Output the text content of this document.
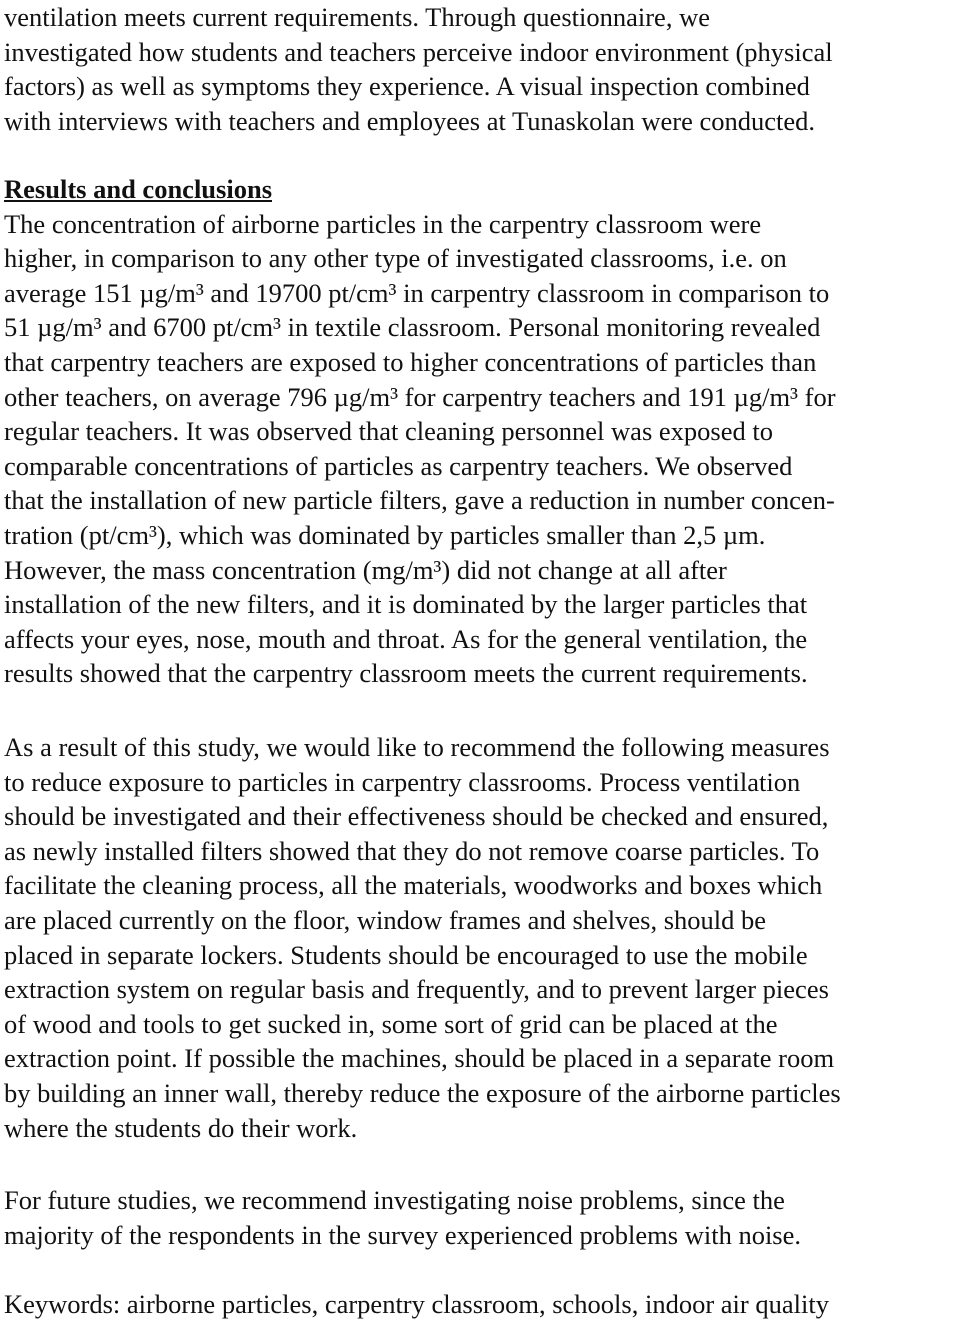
ventilation meets current requirements. Through questionnaire, we
investigated how students and teachers perceive indoor environment (physical
factors) as well as symptoms they experience. A visual inspection combined
with interviews with teachers and employees at Tunaskolan were conducted.
Results and conclusions
The concentration of airborne particles in the carpentry classroom were
higher, in comparison to any other type of investigated classrooms, i.e. on
average 151 µg/m³ and 19700 pt/cm³ in carpentry classroom in comparison to
51 µg/m³ and 6700 pt/cm³ in textile classroom. Personal monitoring revealed
that carpentry teachers are exposed to higher concentrations of particles than
other teachers, on average 796 µg/m³ for carpentry teachers and 191 µg/m³ for
regular teachers. It was observed that cleaning personnel was exposed to
comparable concentrations of particles as carpentry teachers. We observed
that the installation of new particle filters, gave a reduction in number concen-
tration (pt/cm³), which was dominated by particles smaller than 2,5 µm.
However, the mass concentration (mg/m³) did not change at all after
installation of the new filters, and it is dominated by the larger particles that
affects your eyes, nose, mouth and throat. As for the general ventilation, the
results showed that the carpentry classroom meets the current requirements.
As a result of this study, we would like to recommend the following measures
to reduce exposure to particles in carpentry classrooms. Process ventilation
should be investigated and their effectiveness should be checked and ensured,
as newly installed filters showed that they do not remove coarse particles. To
facilitate the cleaning process, all the materials, woodworks and boxes which
are placed currently on the floor, window frames and shelves, should be
placed in separate lockers. Students should be encouraged to use the mobile
extraction system on regular basis and frequently, and to prevent larger pieces
of wood and tools to get sucked in, some sort of grid can be placed at the
extraction point. If possible the machines, should be placed in a separate room
by building an inner wall, thereby reduce the exposure of the airborne particles
where the students do their work.
For future studies, we recommend investigating noise problems, since the
majority of the respondents in the survey experienced problems with noise.
Keywords: airborne particles, carpentry classroom, schools, indoor air quality
